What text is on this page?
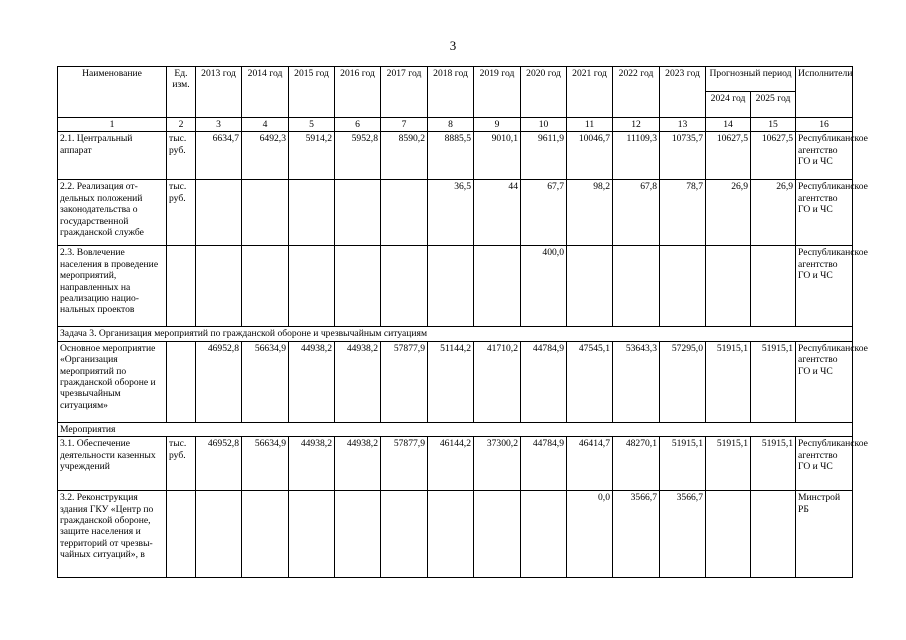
3
Наименование	Ед. изм.	2013 год	2014 год	2015 год	2016 год	2017 год	2018 год	2019 год	2020 год	2021 год	2022 год	2023 год	Прогнозный период		Исполнители
													2024 год	2025 год	
1	2	3	4	5	6	7	8	9	10	11	12	13	14	15	16
2.1. Центральный аппарат	тыс. руб.	6634,7	6492,3	5914,2	5952,8	8590,2	8885,5	9010,1	9611,9	10046,7	11109,3	10735,7	10627,5	10627,5	Республиканское агентство ГО и ЧС
2.2. Реализация отдельных положений законодательства о государственной гражданской службе	тыс. руб.						36,5	44	67,7	98,2	67,8	78,7	26,9	26,9	Республиканское агентство ГО и ЧС
2.3. Вовлечение населения в проведение мероприятий, направленных на реализацию национальных проектов									400,0						Республиканское агентство ГО и ЧС
Задача 3. Организация мероприятий по гражданской обороне и чрезвычайным ситуациям															
Основное мероприятие «Организация мероприятий по гражданской обороне и чрезвычайным ситуациям»		46952,8	56634,9	44938,2	44938,2	57877,9	51144,2	41710,2	44784,9	47545,1	53643,3	57295,0	51915,1	51915,1	Республиканское агентство ГО и ЧС
Мероприятия															
3.1. Обеспечение деятельности казенных учреждений	тыс. руб.	46952,8	56634,9	44938,2	44938,2	57877,9	46144,2	37300,2	44784,9	46414,7	48270,1	51915,1	51915,1	51915,1	Республиканское агентство ГО и ЧС
3.2. Реконструкция здания ГКУ «Центр по гражданской обороне, защите населения и территорий от чрезвычайных ситуаций», в										0,0	3566,7	3566,7			Минстрой РБ
